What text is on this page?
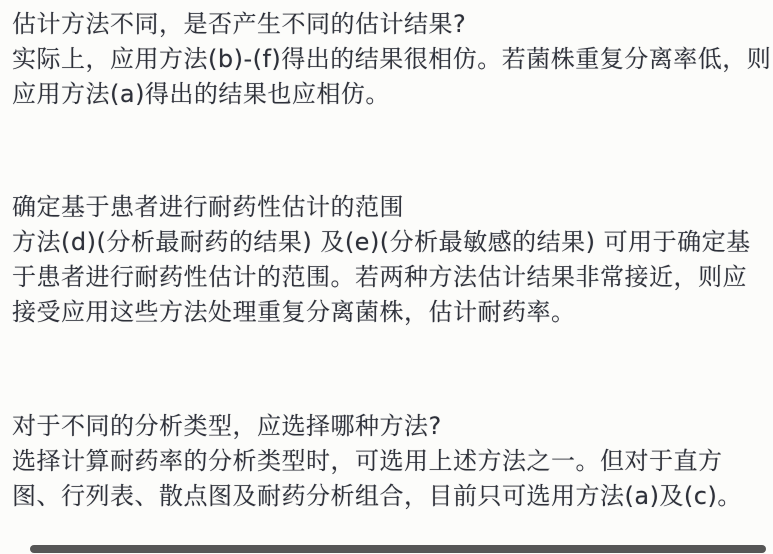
估计方法不同，是否产生不同的估计结果?
实际上，应用方法(b)-(f)得出的结果很相仿。若菌株重复分离率低，则
应用方法(a)得出的结果也应相仿。
确定基于患者进行耐药性估计的范围
方法(d)(分析最耐药的结果) 及(e)(分析最敏感的结果) 可用于确定基
于患者进行耐药性估计的范围。若两种方法估计结果非常接近，则应
接受应用这些方法处理重复分离菌株，估计耐药率。
对于不同的分析类型，应选择哪种方法?
选择计算耐药率的分析类型时，可选用上述方法之一。但对于直方
图、行列表、散点图及耐药分析组合，目前只可选用方法(a)及(c)。
